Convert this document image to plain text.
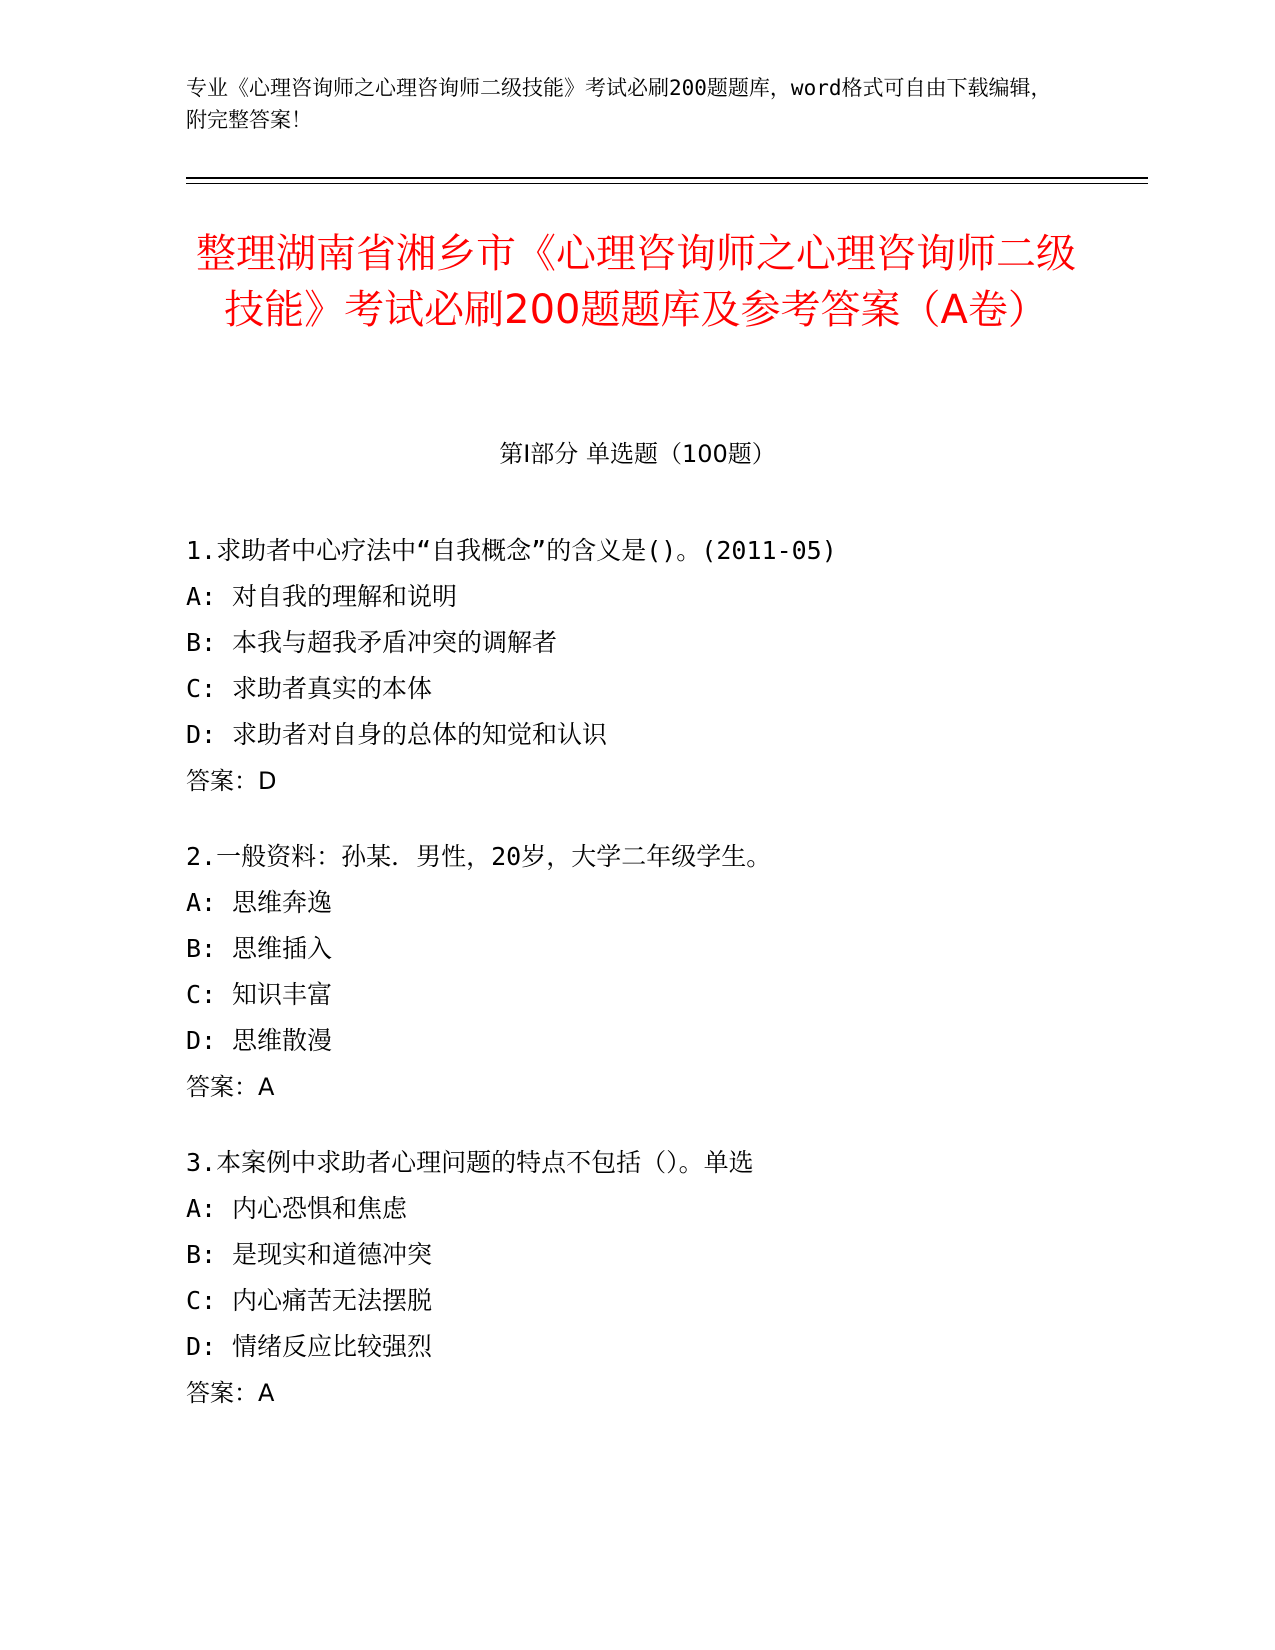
专业《心理咨询师之心理咨询师二级技能》考试必刷200题题库，word格式可自由下载编辑，附完整答案！
整理湖南省湘乡市《心理咨询师之心理咨询师二级技能》考试必刷200题题库及参考答案（A卷）
第Ⅰ部分 单选题（100题）
1.求助者中心疗法中“自我概念”的含义是()。(2011-05)
A: 对自我的理解和说明
B: 本我与超我矛盾冲突的调解者
C: 求助者真实的本体
D: 求助者对自身的总体的知觉和认识
答案：D
2.一般资料：孙某．男性，20岁，大学二年级学生。
A: 思维奔逸
B: 思维插入
C: 知识丰富
D: 思维散漫
答案：A
3.本案例中求助者心理问题的特点不包括（）。单选
A: 内心恐惧和焦虑
B: 是现实和道德冲突
C: 内心痛苦无法摆脱
D: 情绪反应比较强烈
答案：A
